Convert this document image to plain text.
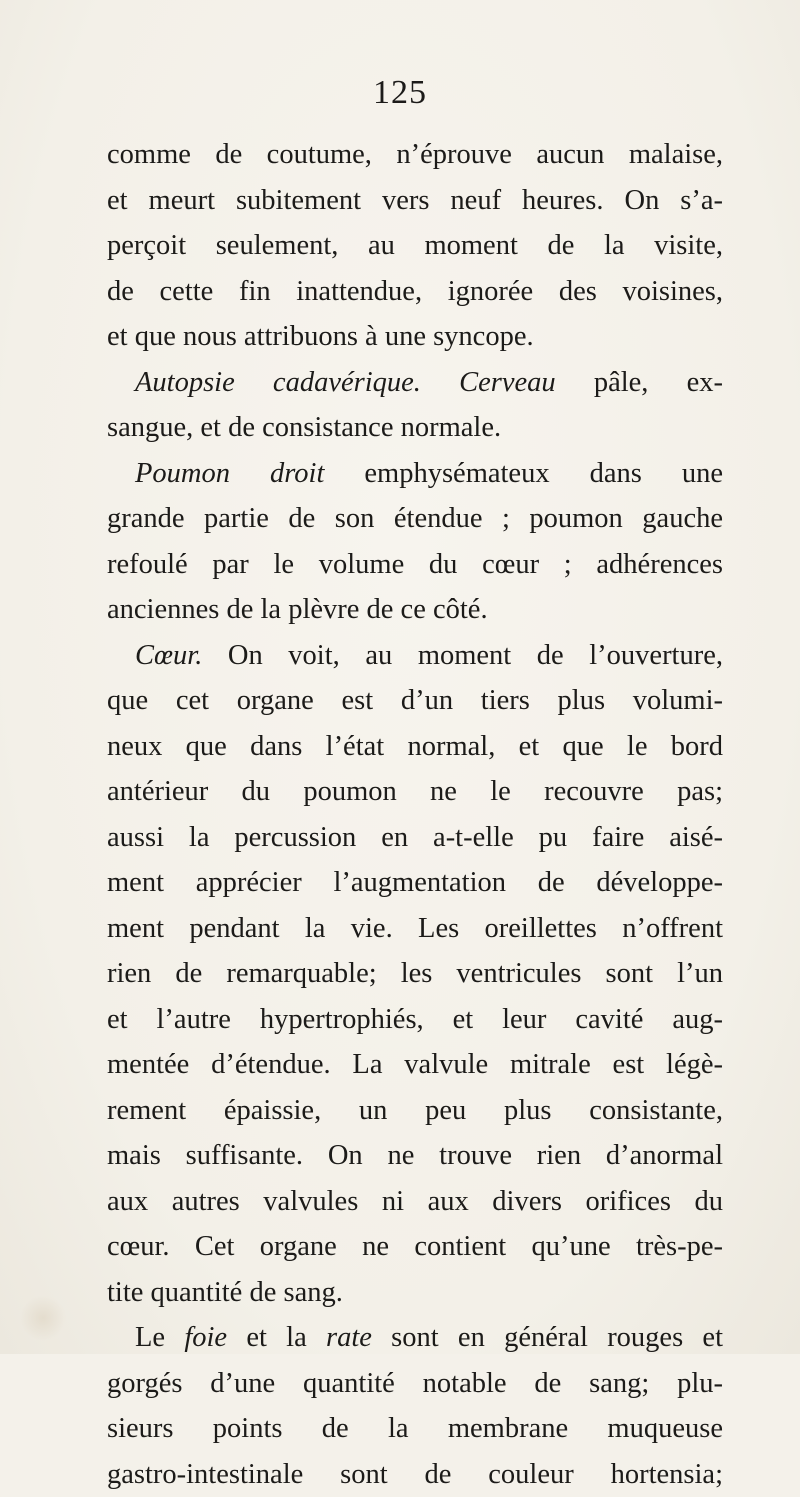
125
comme de coutume, n’éprouve aucun malaise,
et meurt subitement vers neuf heures. On s’a-
perçoit seulement, au moment de la visite,
de cette fin inattendue, ignorée des voisines,
et que nous attribuons à une syncope.
Autopsie cadavérique. Cerveau pâle, ex-
sangue, et de consistance normale.
Poumon droit emphysémateux dans une
grande partie de son étendue ; poumon gauche
refoulé par le volume du cœur ; adhérences
anciennes de la plèvre de ce côté.
Cœur. On voit, au moment de l’ouverture,
que cet organe est d’un tiers plus volumi-
neux que dans l’état normal, et que le bord
antérieur du poumon ne le recouvre pas;
aussi la percussion en a-t-elle pu faire aisé-
ment apprécier l’augmentation de développe-
ment pendant la vie. Les oreillettes n’offrent
rien de remarquable; les ventricules sont l’un
et l’autre hypertrophiés, et leur cavité aug-
mentée d’étendue. La valvule mitrale est légè-
rement épaissie, un peu plus consistante,
mais suffisante. On ne trouve rien d’anormal
aux autres valvules ni aux divers orifices du
cœur. Cet organe ne contient qu’une très-pe-
tite quantité de sang.
Le foie et la rate sont en général rouges et
gorgés d’une quantité notable de sang; plu-
sieurs points de la membrane muqueuse
gastro-intestinale sont de couleur hortensia;
